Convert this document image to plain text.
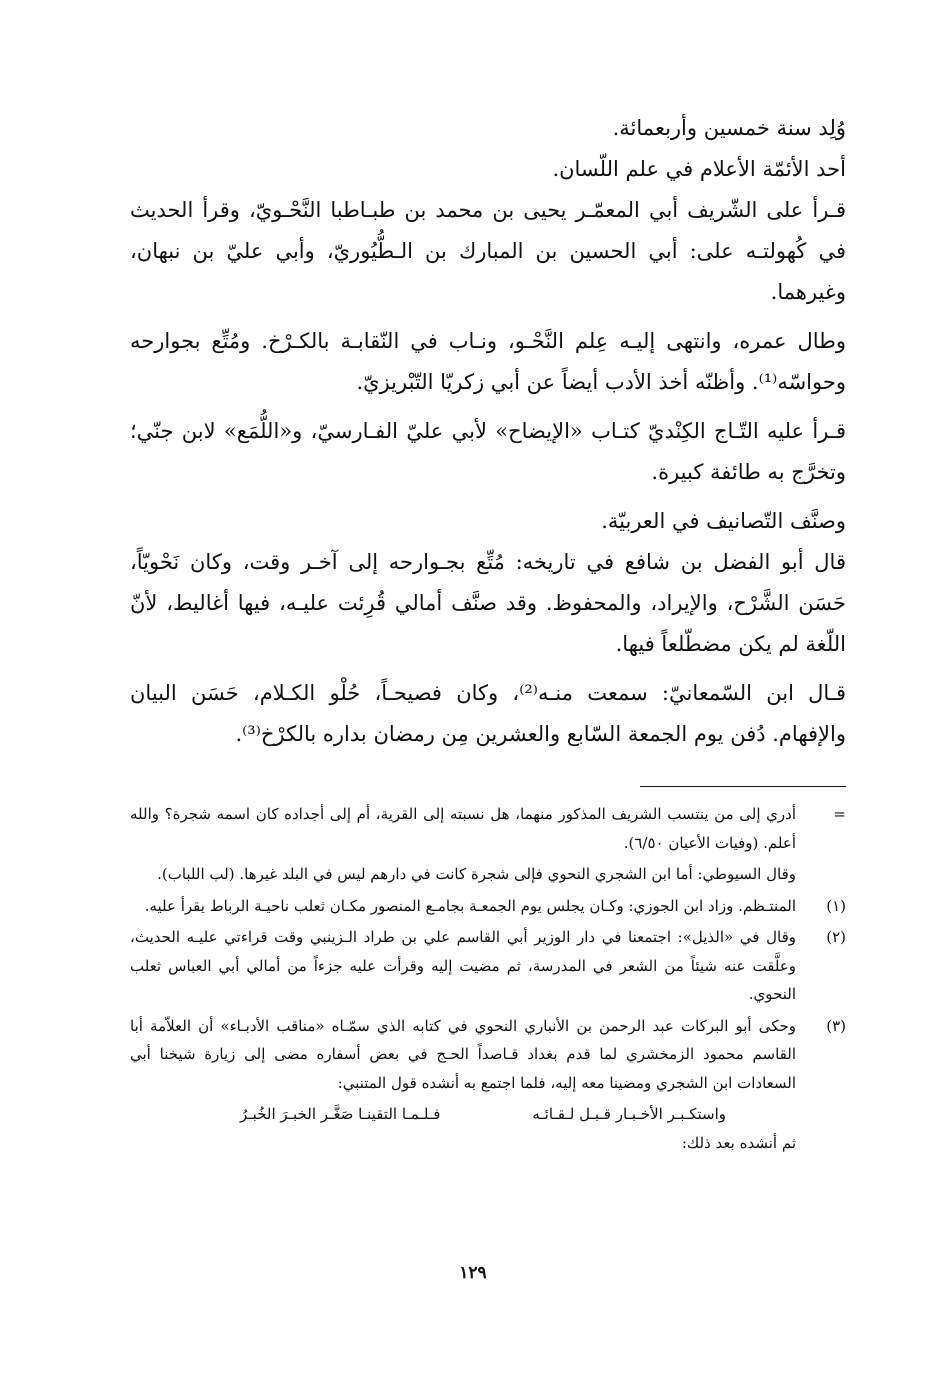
وُلِد سنة خمسين وأربعمائة.

أحد الأئمّة الأعلام في علم اللّسان.

قـرأ على الشّريف أبي المعمّـر يحيى بن محمد بن طبـاطبا النَّحْـويّ، وقرأ الحديث في كُهولتـه على: أبي الحسين بن المبارك بن الـطُّيُوريّ، وأبي عليّ بن نبهان، وغيرهما.

وطال عمره، وانتهى إليـه عِلم النَّحْـو، ونـاب في النّقابـة بالكـرْخ. ومُتِّع بجوارحه وحواسّه⁽¹⁾. وأظنّه أخذ الأدب أيضاً عن أبي زكريّا التّبْريزيّ.

قـرأ عليه التّـاج الكِنْديّ كتـاب «الإيضاح» لأبي عليّ الفـارسيّ، و«اللُّمَع» لابن جنّي؛ وتخرَّج به طائفة كبيرة.

وصنَّف التّصانيف في العربيّة.

قال أبو الفضل بن شافع في تاريخه: مُتِّع بجـوارحه إلى آخـر وقت، وكان نَحْويّاً، حَسَن الشَّرْح، والإيراد، والمحفوظ. وقد صنَّف أمالي قُرِئت عليـه، فيها أغاليط، لأنّ اللّغة لم يكن مضطّلعاً فيها.

قـال ابن السّمعانيّ: سمعت منـه⁽²⁾، وكان فصيحـاً، حُلْو الكـلام، حَسَن البيان والإفهام. دُفن يوم الجمعة السّابع والعشرين مِن رمضان بداره بالكرْخ⁽³⁾.

=
أدري إلى من ينتسب الشريف المذكور منهما، هل نسبته إلى القرية، أم إلى أجداده كان اسمه شجرة؟ والله أعلم. (وفيات الأعيان ٦/٥٠).
وقال السيوطي: أما ابن الشجري النحوي فإلى شجرة كانت في دارهم ليس في البلد غيرها. (لب اللباب).
(١)
المنتـظم. وزاد ابن الجوزي: وكـان يجلس يوم الجمعـة بجامـع المنصور مكـان ثعلب ناحيـة الرباط يقرأ عليه.
(٢)
وقال في «الذيل»: اجتمعنا في دار الوزير أبي القاسم علي بن طراد الـزينبي وقت قراءتي عليـه الحديث، وعلَّقت عنه شيئاً من الشعر في المدرسة، ثم مضيت إليه وقرأت عليه جزءاً من أمالي أبي العباس ثعلب النحوي.
(٣)
وحكى أبو البركات عبد الرحمن بن الأنباري النحوي في كتابه الذي سمّـاه «مناقب الأدبـاء» أن العلاّمة أبا القاسم محمود الزمخشري لما قدم بغداد قـاصداً الحـج في بعض أسفاره مضى إلى زيارة شيخنا أبي السعادات ابن الشجري ومضينا معه إليه، فلما اجتمع به أنشده قول المتنبي:
واستكـبـر الأخـبـار قـبـل لـقـائـه
فـلـمـا التقينـا صَغَّـر الخبـرَ الخُبـرُ
ثم أنشده بعد ذلك:
١٢٩
